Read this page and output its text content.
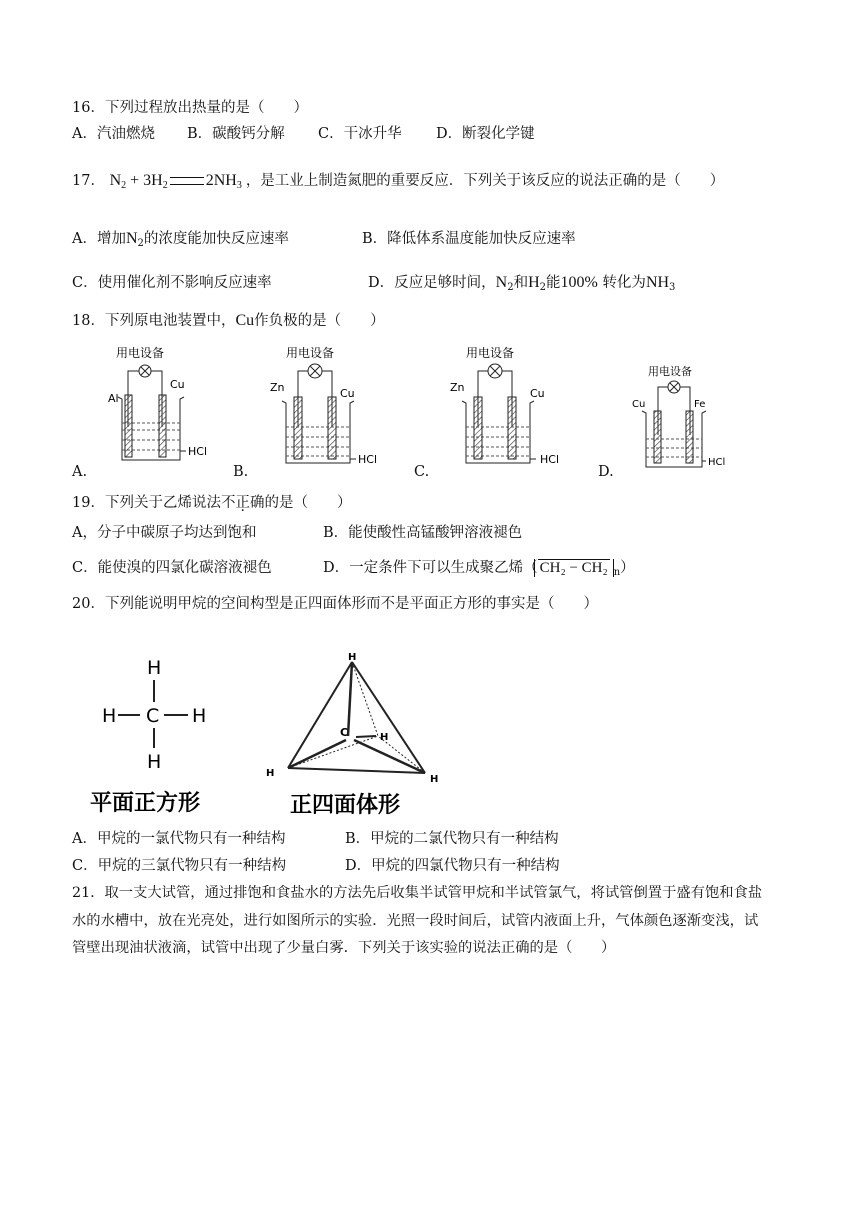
16．下列过程放出热量的是（　　）
A．汽油燃烧 B．碳酸钙分解 C．干冰升华 D．断裂化学键
17． $N_2 + 3H_2$ $2NH_3$ ，是工业上制造氮肥的重要反应．下列关于该反应的说法正确的是（　　）
A．增加$N_2$的浓度能加快反应速率	B．降低体系温度能加快反应速率
C．使用催化剂不影响反应速率	D．反应足够时间，$N_2$和$H_2$能100% 转化为$NH_3$
18．下列原电池装置中，Cu作负极的是（　　）
用电设备
Al
Cu
HCl
用电设备
Zn	Cu
HCl
用电设备
Zn	Cu
HCl
用电设备
Cu	Fe
HCl
A.	B.	C.	D.
19．下列关于乙烯说法不正确的是（　　）
A，分子中碳原子均达到饱和	B．能使酸性高锰酸钾溶液褪色
C．能使溴的四氯化碳溶液褪色	D．一定条件下可以生成聚乙烯（ CH₂ − CH₂ $_n$）
20．下列能说明甲烷的空间构型是正四面体形而不是平面正方形的事实是（　　）
H
H C H
H
H
C	H
H
H
平面正方形	正四面体形
A．甲烷的一氯代物只有一种结构	B．甲烷的二氯代物只有一种结构
C．甲烷的三氯代物只有一种结构	D．甲烷的四氯代物只有一种结构
21．取一支大试管，通过排饱和食盐水的方法先后收集半试管甲烷和半试管氯气，将试管倒置于盛有饱和食盐
水的水槽中，放在光亮处，进行如图所示的实验．光照一段时间后，试管内液面上升，气体颜色逐渐变浅，试
管壁出现油状液滴，试管中出现了少量白雾．下列关于该实验的说法正确的是（　　）
